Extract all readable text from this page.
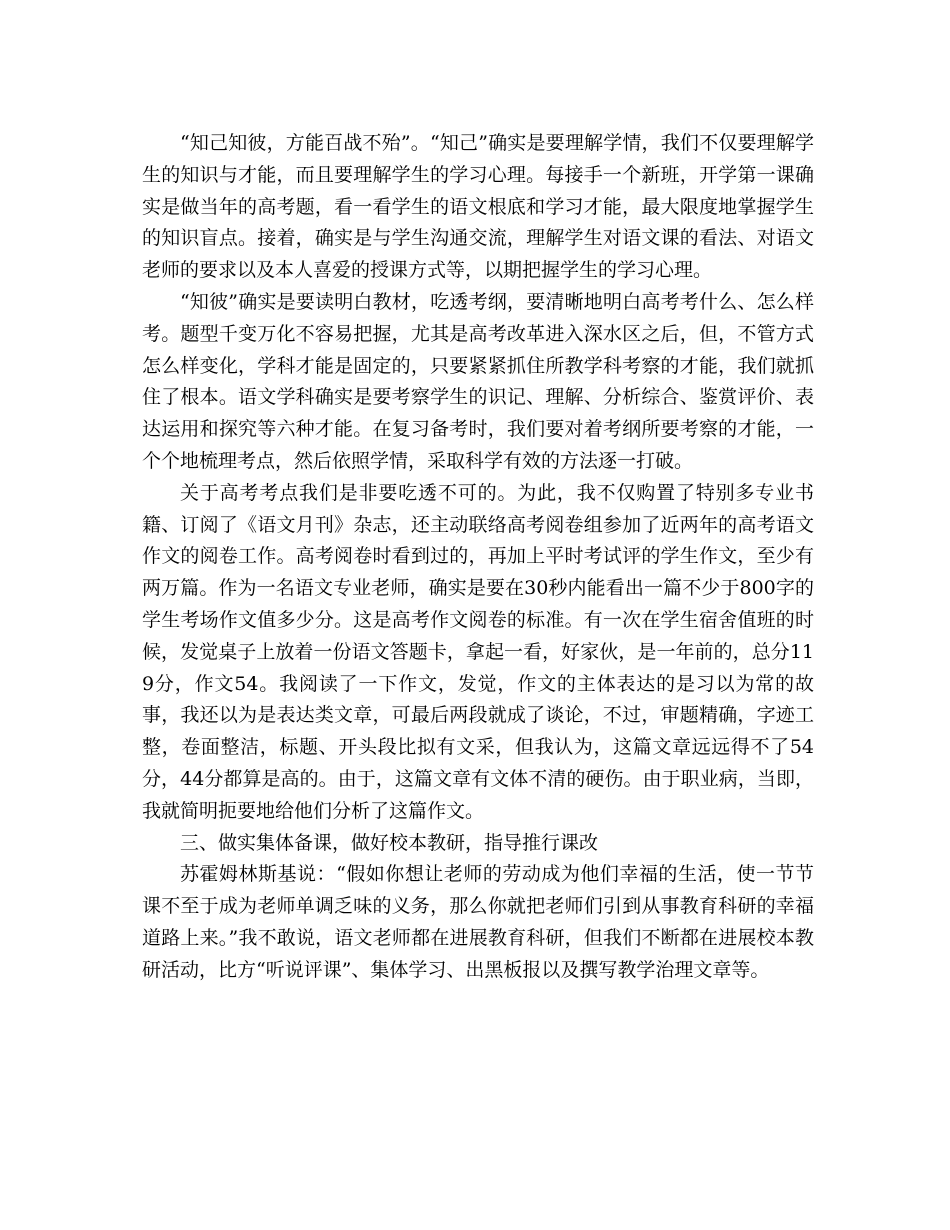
“知己知彼，方能百战不殆”。“知己”确实是要理解学情，我们不仅要理解学生的知识与才能，而且要理解学生的学习心理。每接手一个新班，开学第一课确实是做当年的高考题，看一看学生的语文根底和学习才能，最大限度地掌握学生的知识盲点。接着，确实是与学生沟通交流，理解学生对语文课的看法、对语文老师的要求以及本人喜爱的授课方式等，以期把握学生的学习心理。

“知彼”确实是要读明白教材，吃透考纲，要清晰地明白高考考什么、怎么样考。题型千变万化不容易把握，尤其是高考改革进入深水区之后，但，不管方式怎么样变化，学科才能是固定的，只要紧紧抓住所教学科考察的才能，我们就抓住了根本。语文学科确实是要考察学生的识记、理解、分析综合、鉴赏评价、表达运用和探究等六种才能。在复习备考时，我们要对着考纲所要考察的才能，一个个地梳理考点，然后依照学情，采取科学有效的方法逐一打破。

关于高考考点我们是非要吃透不可的。为此，我不仅购置了特别多专业书籍、订阅了《语文月刊》杂志，还主动联络高考阅卷组参加了近两年的高考语文作文的阅卷工作。高考阅卷时看到过的，再加上平时考试评的学生作文，至少有两万篇。作为一名语文专业老师，确实是要在30秒内能看出一篇不少于800字的学生考场作文值多少分。这是高考作文阅卷的标准。有一次在学生宿舍值班的时候，发觉桌子上放着一份语文答题卡，拿起一看，好家伙，是一年前的，总分119分，作文54。我阅读了一下作文，发觉，作文的主体表达的是习以为常的故事，我还以为是表达类文章，可最后两段就成了谈论，不过，审题精确，字迹工整，卷面整洁，标题、开头段比拟有文采，但我认为，这篇文章远远得不了54分，44分都算是高的。由于，这篇文章有文体不清的硬伤。由于职业病，当即，我就简明扼要地给他们分析了这篇作文。

三、做实集体备课，做好校本教研，指导推行课改

苏霍姆林斯基说：“假如你想让老师的劳动成为他们幸福的生活，使一节节课不至于成为老师单调乏味的义务，那么你就把老师们引到从事教育科研的幸福道路上来。”我不敢说，语文老师都在进展教育科研，但我们不断都在进展校本教研活动，比方“听说评课”、集体学习、出黑板报以及撰写教学治理文章等。
